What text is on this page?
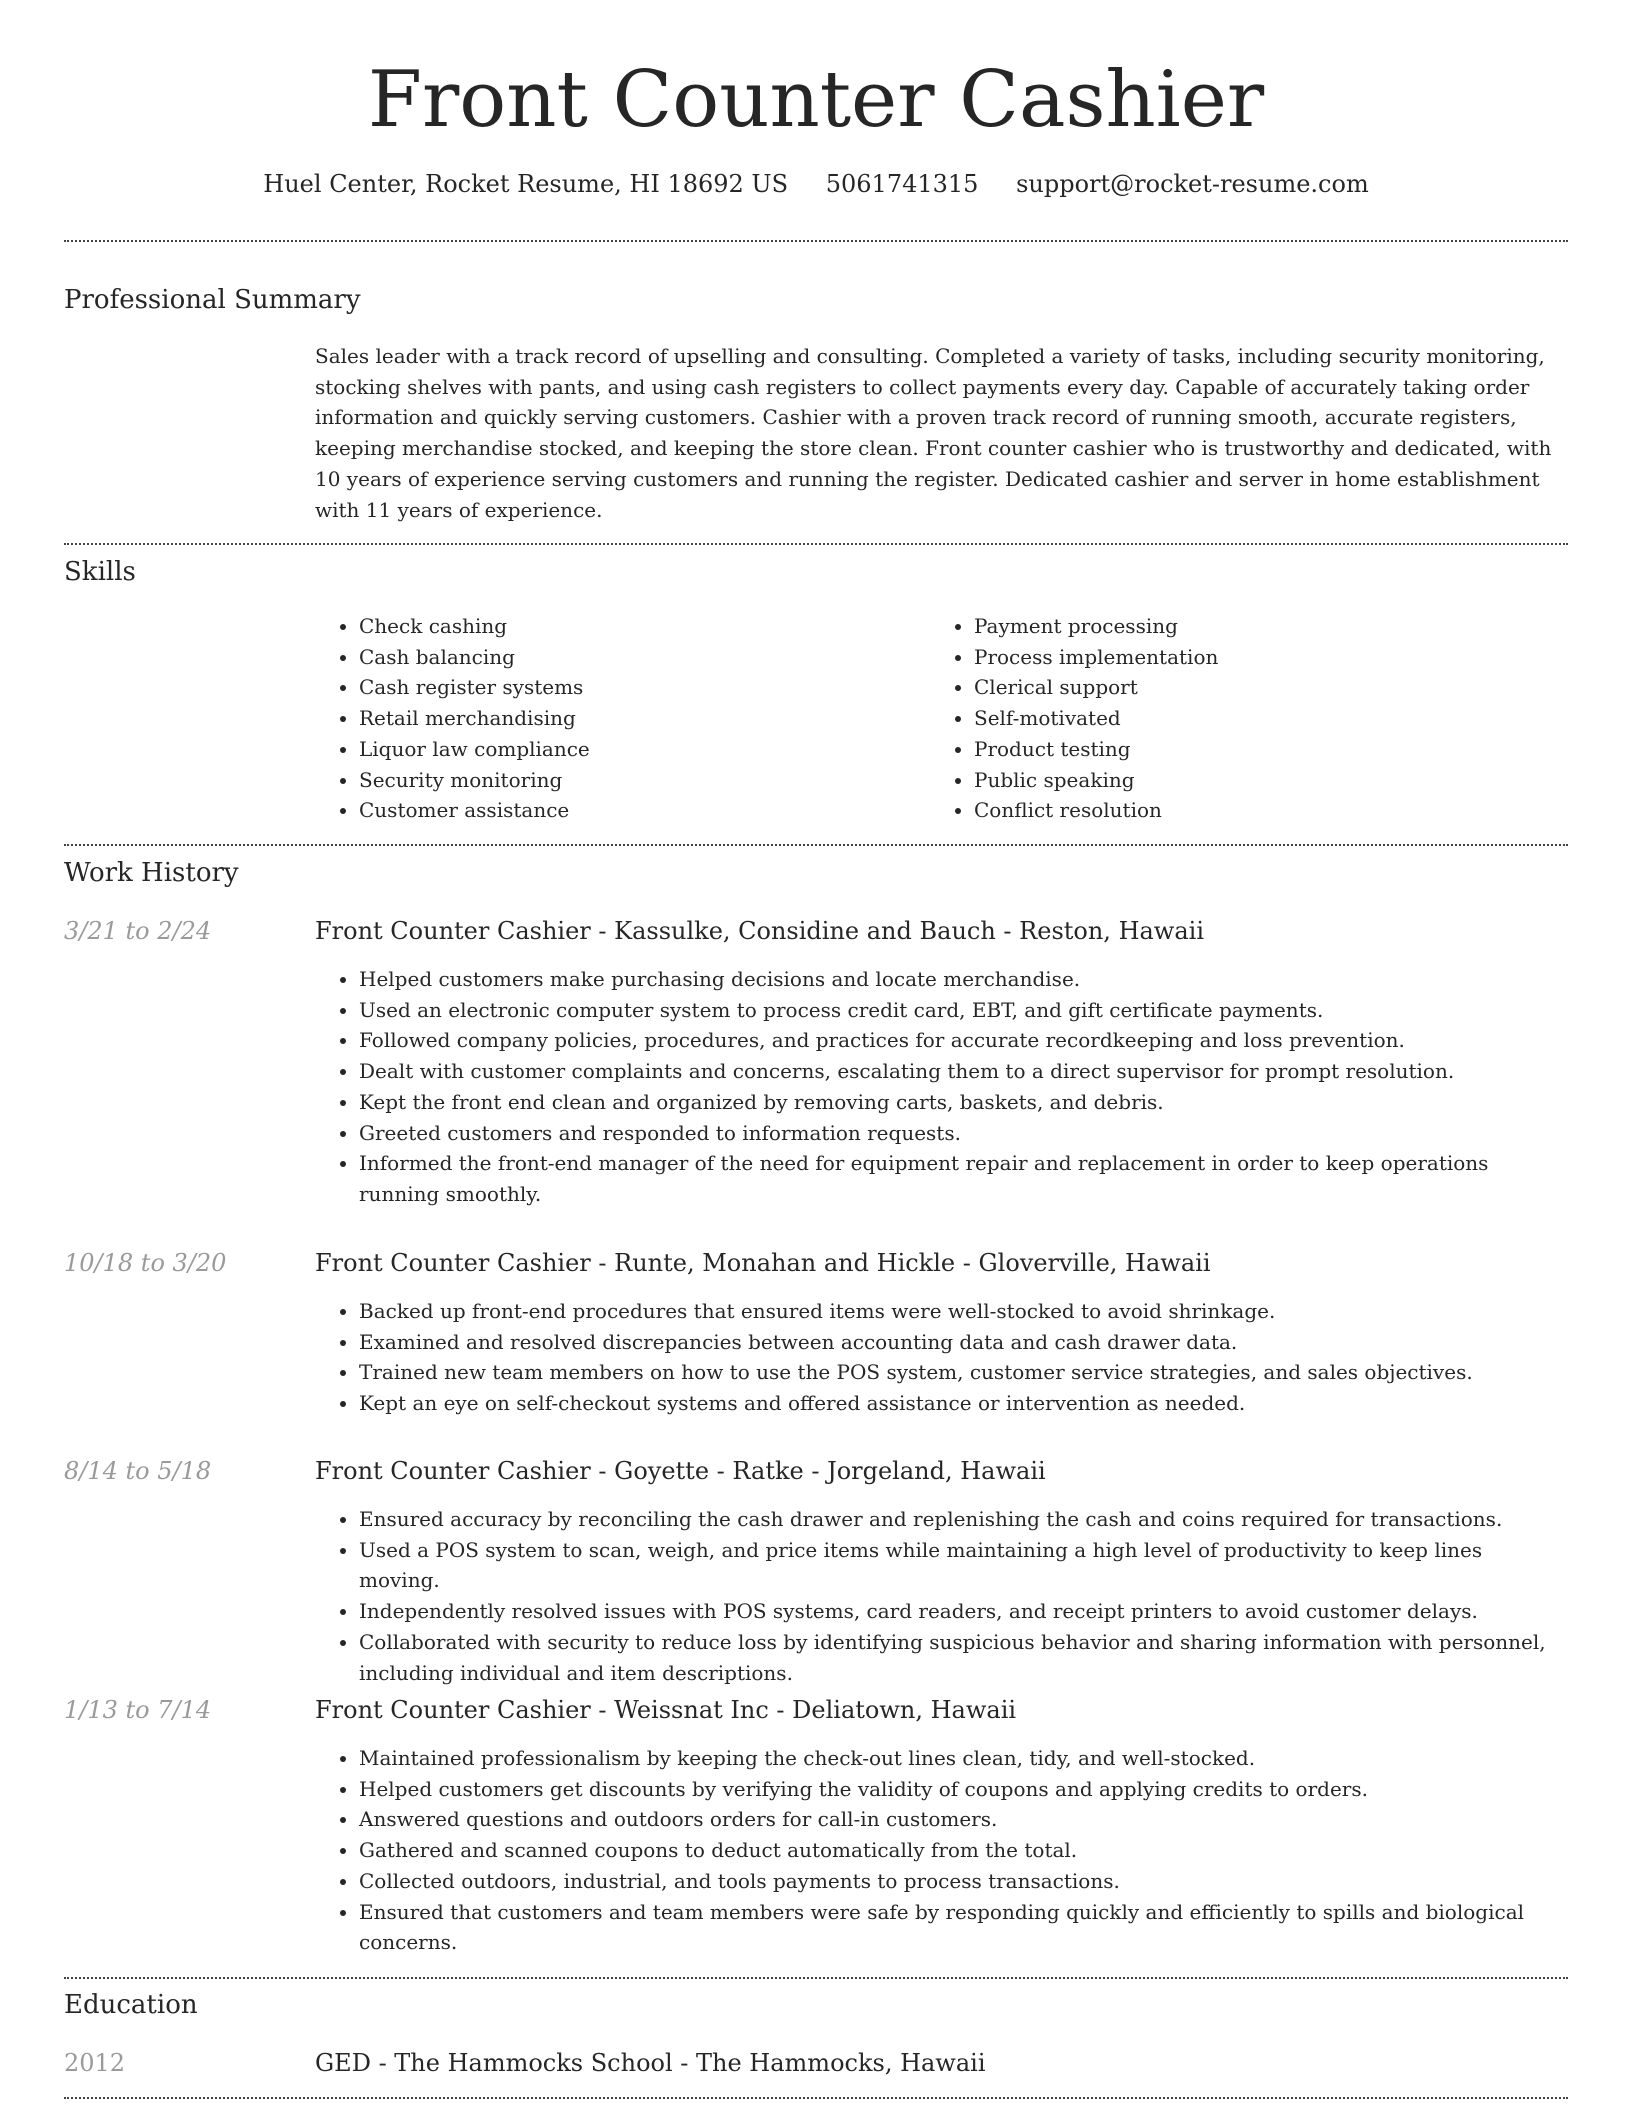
Front Counter Cashier
Huel Center, Rocket Resume, HI 18692 US 5061741315 support@rocket-resume.com
Professional Summary

Sales leader with a track record of upselling and consulting. Completed a variety of tasks, including security monitoring, stocking shelves with pants, and using cash registers to collect payments every day. Capable of accurately taking order information and quickly serving customers. Cashier with a proven track record of running smooth, accurate registers, keeping merchandise stocked, and keeping the store clean. Front counter cashier who is trustworthy and dedicated, with 10 years of experience serving customers and running the register. Dedicated cashier and server in home establishment with 11 years of experience.

Skills
• Check cashing
• Cash balancing
• Cash register systems
• Retail merchandising
• Liquor law compliance
• Security monitoring
• Customer assistance
• Payment processing
• Process implementation
• Clerical support
• Self-motivated
• Product testing
• Public speaking
• Conflict resolution
Work History
3/21 to 2/24	Front Counter Cashier - Kassulke, Considine and Bauch - Reston, Hawaii
• Helped customers make purchasing decisions and locate merchandise.
• Used an electronic computer system to process credit card, EBT, and gift certificate payments.
• Followed company policies, procedures, and practices for accurate recordkeeping and loss prevention.
• Dealt with customer complaints and concerns, escalating them to a direct supervisor for prompt resolution.
• Kept the front end clean and organized by removing carts, baskets, and debris.
• Greeted customers and responded to information requests.
• Informed the front-end manager of the need for equipment repair and replacement in order to keep operations running smoothly.
10/18 to 3/20	Front Counter Cashier - Runte, Monahan and Hickle - Gloverville, Hawaii
• Backed up front-end procedures that ensured items were well-stocked to avoid shrinkage.
• Examined and resolved discrepancies between accounting data and cash drawer data.
• Trained new team members on how to use the POS system, customer service strategies, and sales objectives.
• Kept an eye on self-checkout systems and offered assistance or intervention as needed.
8/14 to 5/18	Front Counter Cashier - Goyette - Ratke - Jorgeland, Hawaii
• Ensured accuracy by reconciling the cash drawer and replenishing the cash and coins required for transactions.
• Used a POS system to scan, weigh, and price items while maintaining a high level of productivity to keep lines moving.
• Independently resolved issues with POS systems, card readers, and receipt printers to avoid customer delays.
• Collaborated with security to reduce loss by identifying suspicious behavior and sharing information with personnel, including individual and item descriptions.
1/13 to 7/14	Front Counter Cashier - Weissnat Inc - Deliatown, Hawaii
• Maintained professionalism by keeping the check-out lines clean, tidy, and well-stocked.
• Helped customers get discounts by verifying the validity of coupons and applying credits to orders.
• Answered questions and outdoors orders for call-in customers.
• Gathered and scanned coupons to deduct automatically from the total.
• Collected outdoors, industrial, and tools payments to process transactions.
• Ensured that customers and team members were safe by responding quickly and efficiently to spills and biological concerns.
Education
2012	GED - The Hammocks School - The Hammocks, Hawaii
